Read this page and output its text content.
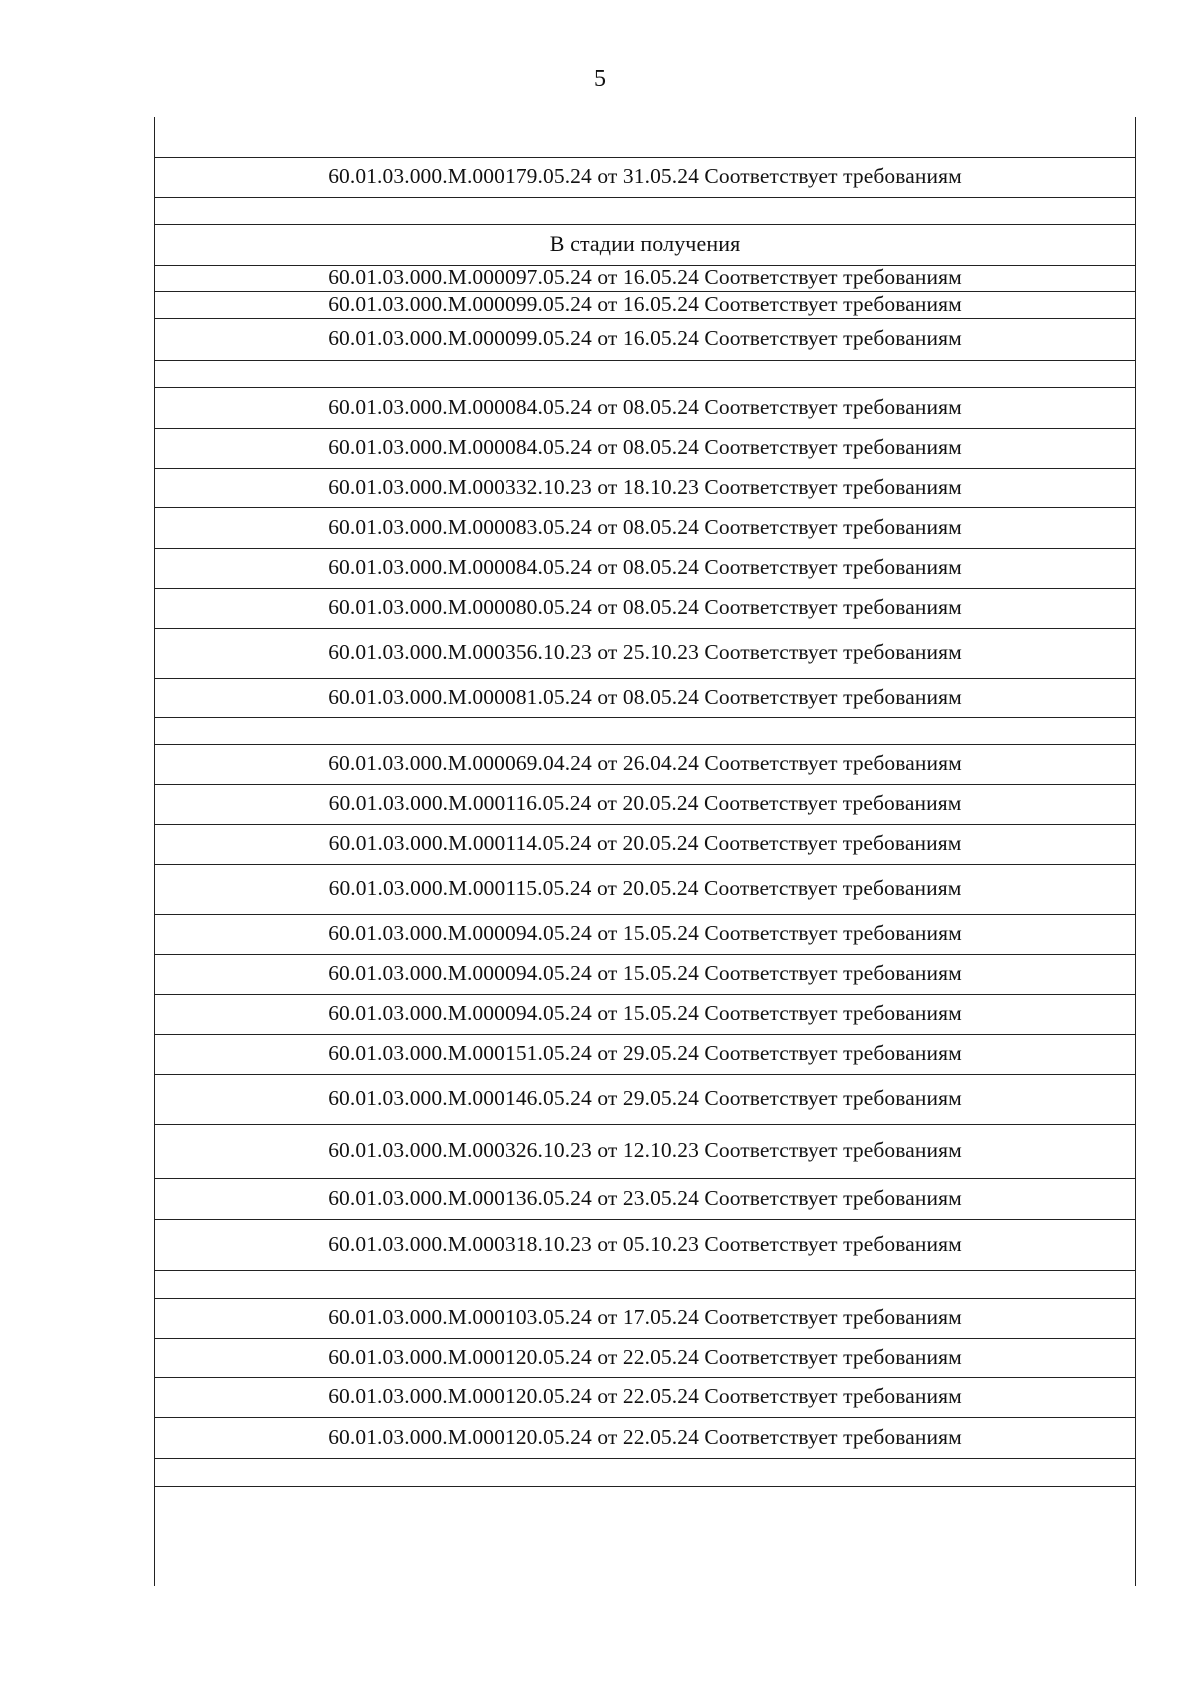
5
60.01.03.000.М.000179.05.24 от 31.05.24 Соответствует требованиям
В стадии получения
60.01.03.000.М.000097.05.24 от 16.05.24 Соответствует требованиям
60.01.03.000.М.000099.05.24 от 16.05.24 Соответствует требованиям
60.01.03.000.М.000099.05.24 от 16.05.24 Соответствует требованиям
60.01.03.000.М.000084.05.24 от 08.05.24 Соответствует требованиям
60.01.03.000.М.000084.05.24 от 08.05.24 Соответствует требованиям
60.01.03.000.М.000332.10.23 от 18.10.23 Соответствует требованиям
60.01.03.000.М.000083.05.24 от 08.05.24 Соответствует требованиям
60.01.03.000.М.000084.05.24 от 08.05.24 Соответствует требованиям
60.01.03.000.М.000080.05.24 от 08.05.24 Соответствует требованиям
60.01.03.000.М.000356.10.23 от 25.10.23 Соответствует требованиям
60.01.03.000.М.000081.05.24 от 08.05.24 Соответствует требованиям
60.01.03.000.М.000069.04.24 от 26.04.24 Соответствует требованиям
60.01.03.000.М.000116.05.24 от 20.05.24 Соответствует требованиям
60.01.03.000.М.000114.05.24 от 20.05.24 Соответствует требованиям
60.01.03.000.М.000115.05.24 от 20.05.24 Соответствует требованиям
60.01.03.000.М.000094.05.24 от 15.05.24 Соответствует требованиям
60.01.03.000.М.000094.05.24 от 15.05.24 Соответствует требованиям
60.01.03.000.М.000094.05.24 от 15.05.24 Соответствует требованиям
60.01.03.000.М.000151.05.24 от 29.05.24 Соответствует требованиям
60.01.03.000.М.000146.05.24 от 29.05.24 Соответствует требованиям
60.01.03.000.М.000326.10.23 от 12.10.23 Соответствует требованиям
60.01.03.000.М.000136.05.24 от 23.05.24 Соответствует требованиям
60.01.03.000.М.000318.10.23 от 05.10.23 Соответствует требованиям
60.01.03.000.М.000103.05.24 от 17.05.24 Соответствует требованиям
60.01.03.000.М.000120.05.24 от 22.05.24 Соответствует требованиям
60.01.03.000.М.000120.05.24 от 22.05.24 Соответствует требованиям
60.01.03.000.М.000120.05.24 от 22.05.24 Соответствует требованиям
